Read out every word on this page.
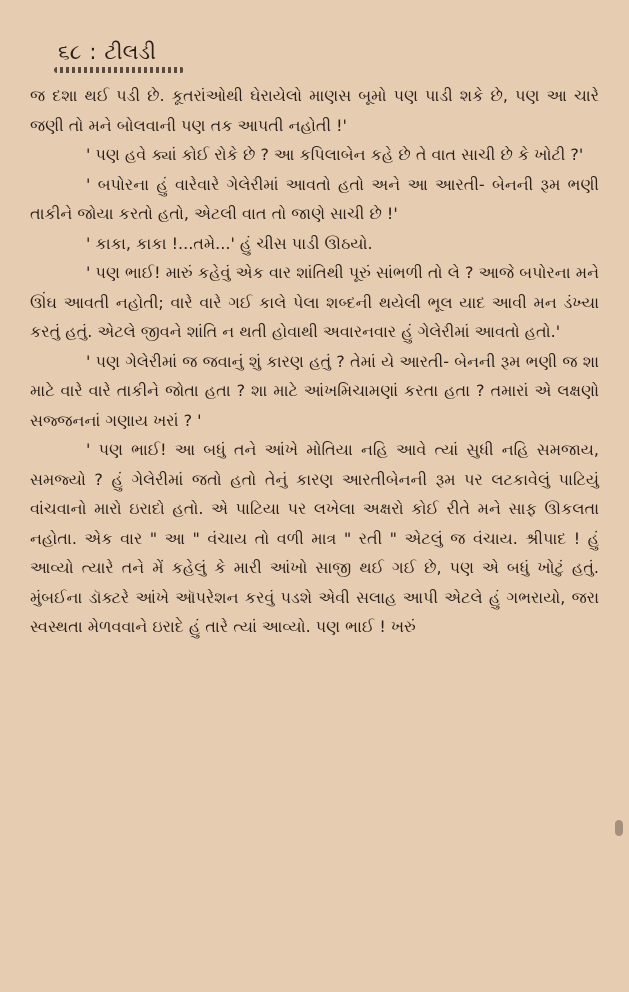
૬૮ : ટીલડી

જ દશા થઈ પડી છે. કૂતરાંઓથી ઘેરાયેલો માણસ બૂમો પણ પાડી શકે છે, પણ આ ચારે જણી તો મને બોલવાની પણ તક આપતી નહોતી !'

' પણ હવે ક્યાં કોઈ રોકે છે ? આ કપિલાબેન કહે છે તે વાત સાચી છે કે ખોટી ?'

' બપોરના હું વારેવારે ગેલેરીમાં આવતો હતો અને આ આરતી- બેનની રૂમ ભણી તાકીને જોયા કરતો હતો, એટલી વાત તો જાણે સાચી છે !'

' કાકા, કાકા !...તમે...' હું ચીસ પાડી ઊઠયો.

' પણ ભાઈ! મારું કહેવું એક વાર શાંતિથી પૂરું સાંભળી તો લે ? આજે બપોરના મને ઊંઘ આવતી નહોતી; વારે વારે ગઈ કાલે પેલા શબ્દની થયેલી ભૂલ યાદ આવી મન ડંખ્યા કરતું હતું. એટલે જીવને શાંતિ ન થતી હોવાથી અવારનવાર હું ગેલેરીમાં આવતો હતો.'

' પણ ગેલેરીમાં જ જવાનું શું કારણ હતું ? તેમાં યે આરતી- બેનની રૂમ ભણી જ શા માટે વારે વારે તાકીને જોતા હતા ? શા માટે આંખમિચામણાં કરતા હતા ? તમારાં એ લક્ષણો સજ્જનનાં ગણાય ખરાં ? '

' પણ ભાઈ! આ બધું તને આંખે મોતિયા નહિ આવે ત્યાં સુધી નહિ સમજાય, સમજ્યો ? હું ગેલેરીમાં જતો હતો તેનું કારણ આરતીબેનની રૂમ પર લટકાવેલું પાટિયું વાંચવાનો મારો ઇરાદો હતો. એ પાટિયા પર લખેલા અક્ષરો કોઈ રીતે મને સાફ ઊકલતા નહોતા. એક વાર " આ " વંચાય તો વળી માત્ર " રતી " એટલું જ વંચાય. શ્રીપાદ ! હું આવ્યો ત્યારે તને મેં કહેલું કે મારી આંખો સાજી થઈ ગઈ છે, પણ એ બધું ખોટું હતું. મુંબઈના ડૉક્ટરે આંખે ઑપરેશન કરવું પડશે એવી સલાહ આપી એટલે હું ગભરાયો, જરા સ્વસ્થતા મેળવવાને ઇરાદે હું તારે ત્યાં આવ્યો. પણ ભાઈ ! ખરું
